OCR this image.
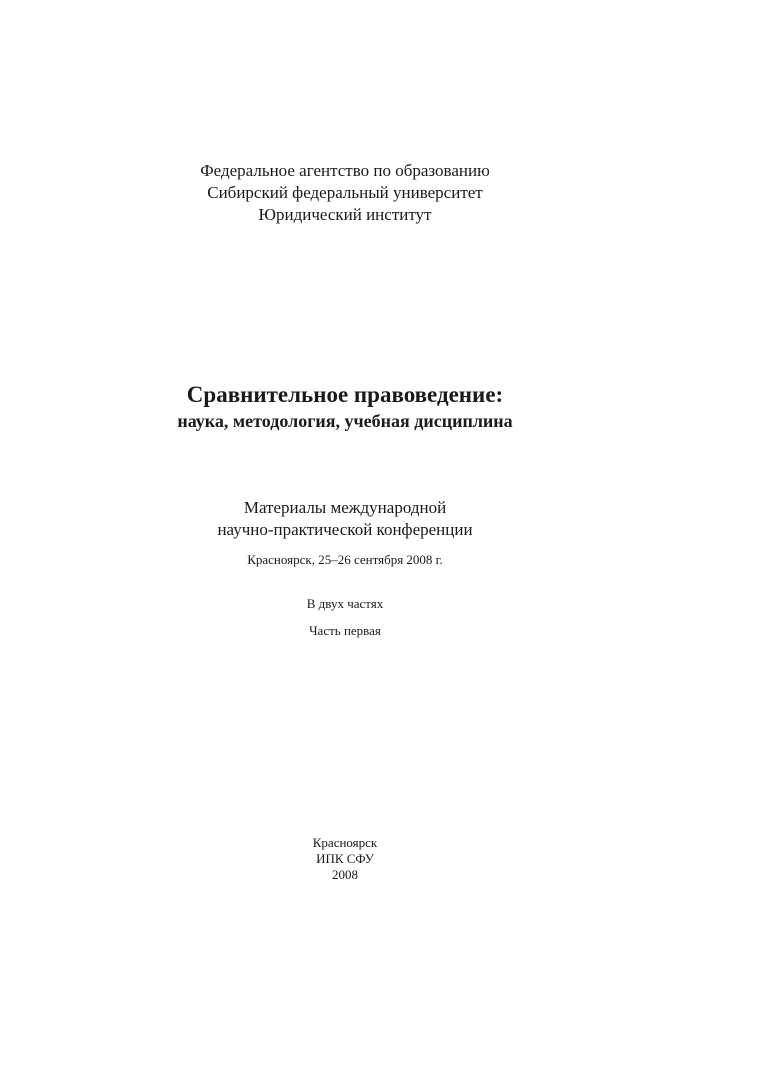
Федеральное агентство по образованию
Сибирский федеральный университет
Юридический институт
Сравнительное правоведение:
наука, методология, учебная дисциплина
Материалы международной
научно-практической конференции
Красноярск, 25–26 сентября 2008 г.
В двух частях
Часть первая
Красноярск
ИПК СФУ
2008
